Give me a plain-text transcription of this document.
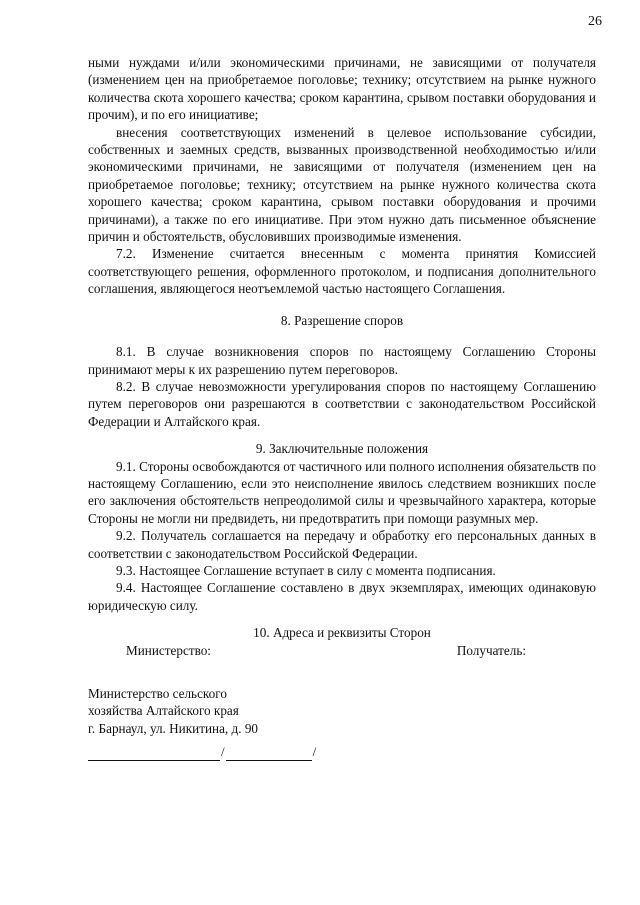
26

ными нуждами и/или экономическими причинами, не зависящими от получателя (изменением цен на приобретаемое поголовье; технику; отсутствием на рынке нужного количества скота хорошего качества; сроком карантина, срывом поставки оборудования и прочим), и по его инициативе;

внесения соответствующих изменений в целевое использование субсидии, собственных и заемных средств, вызванных производственной необходимостью и/или экономическими причинами, не зависящими от получателя (изменением цен на приобретаемое поголовье; технику; отсутствием на рынке нужного количества скота хорошего качества; сроком карантина, срывом поставки оборудования и прочими причинами), а также по его инициативе. При этом нужно дать письменное объяснение причин и обстоятельств, обусловивших производимые изменения.

7.2. Изменение считается внесенным с момента принятия Комиссией соответствующего решения, оформленного протоколом, и подписания дополнительного соглашения, являющегося неотъемлемой частью настоящего Соглашения.

8. Разрешение споров

8.1. В случае возникновения споров по настоящему Соглашению Стороны принимают меры к их разрешению путем переговоров.

8.2. В случае невозможности урегулирования споров по настоящему Соглашению путем переговоров они разрешаются в соответствии с законодательством Российской Федерации и Алтайского края.

9. Заключительные положения

9.1. Стороны освобождаются от частичного или полного исполнения обязательств по настоящему Соглашению, если это неисполнение явилось следствием возникших после его заключения обстоятельств непреодолимой силы и чрезвычайного характера, которые Стороны не могли ни предвидеть, ни предотвратить при помощи разумных мер.

9.2. Получатель соглашается на передачу и обработку его персональных данных в соответствии с законодательством Российской Федерации.

9.3. Настоящее Соглашение вступает в силу с момента подписания.

9.4. Настоящее Соглашение составлено в двух экземплярах, имеющих одинаковую юридическую силу.

10. Адреса и реквизиты Сторон

Министерство:	Получатель:
Министерство сельского
хозяйства Алтайского края
г. Барнаул, ул. Никитина, д. 90
/	/
